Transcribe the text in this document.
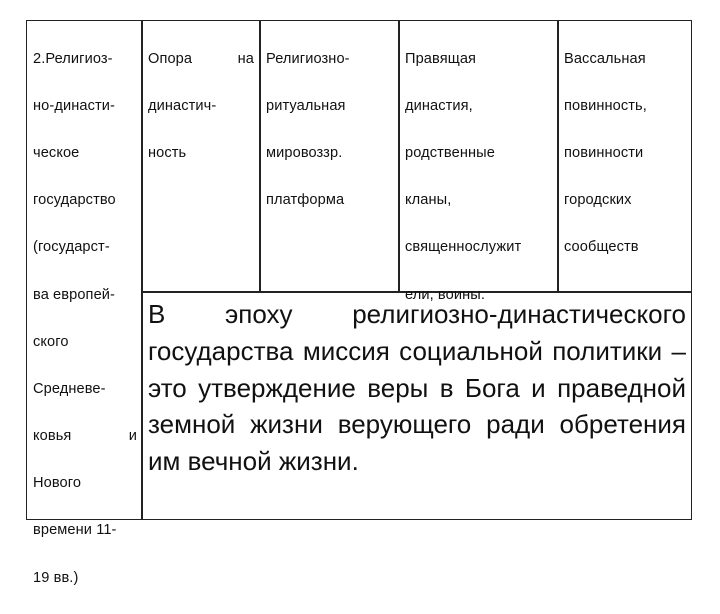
2.Религиоз-

но-династи-

ческое

государство

(государст-

ва европей-

ского

Средневе-

ковья	и

Нового

времени 11-

19 вв.)

Опора на

династич-

ность

Религиозно-

ритуальная

мировоззр.

платформа

Правящая

династия,

родственные

кланы,

священнослужит

ели, воины.

Вассальная

повинность,

повинности

городских

сообществ

В эпоху религиозно-династического государства миссия социальной политики – это утверждение веры в Бога и праведной земной жизни верующего ради обретения им вечной жизни.
